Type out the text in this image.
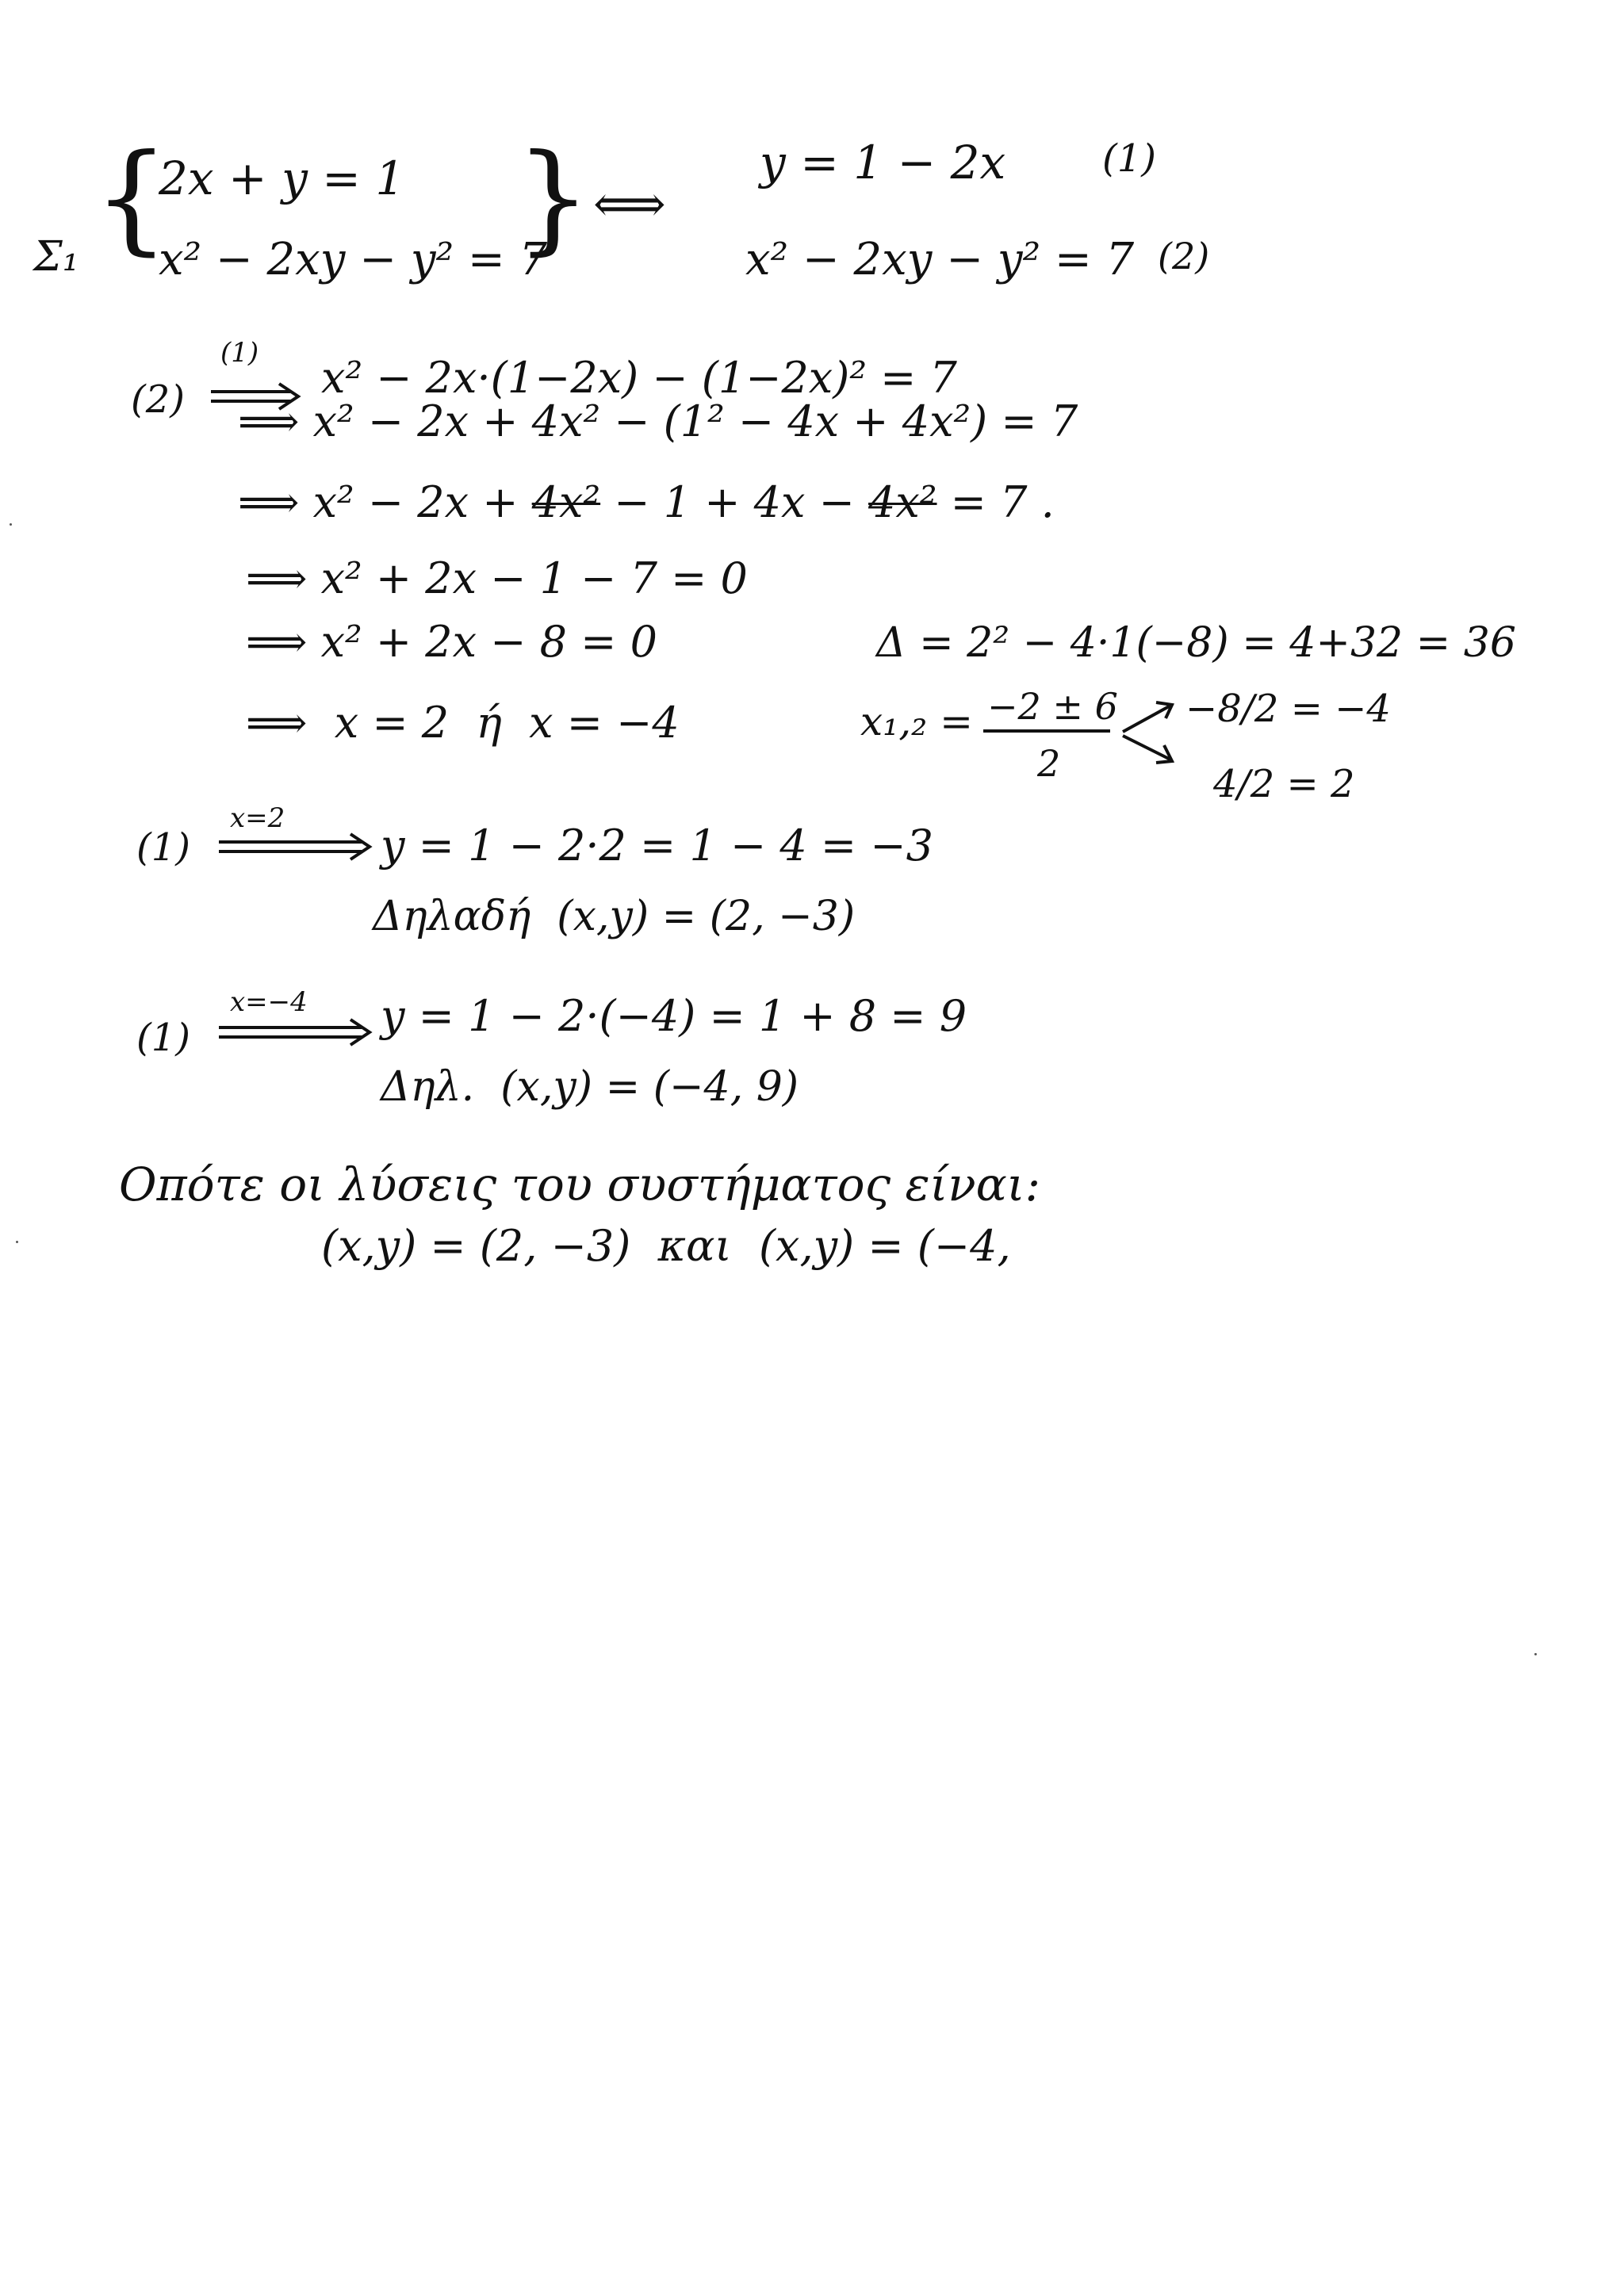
Σ₁ {
2x + y = 1
x² − 2xy − y² = 7
} ⟺
y = 1 − 2x	(1)
x² − 2xy − y² = 7 (2)
(2)
(1) x² − 2x·(1−2x) − (1−2x)² = 7
⟹ x² − 2x + 4x² − (1² − 4x + 4x²) = 7
⟹ x² − 2x + 4x² − 1 + 4x − 4x² = 7 .
⟹ x² + 2x − 1 − 7 = 0
⟹ x² + 2x − 8 = 0
⟹  x = 2  ή  x = −4
Δ = 2² − 4·1(−8) = 4+32 = 36
x₁,₂ = −2 ± 6
2
−8/2 = −4
4/2 = 2
(1)
x=2
y = 1 − 2·2 = 1 − 4 = −3
Δηλαδή  (x,y) = (2, −3)
(1)
x=−4 y = 1 − 2·(−4) = 1 + 8 = 9
Δηλ.  (x,y) = (−4, 9)
Οπότε οι λύσεις του συστήματος είναι:
(x,y) = (2, −3)  και  (x,y) = (−4,
